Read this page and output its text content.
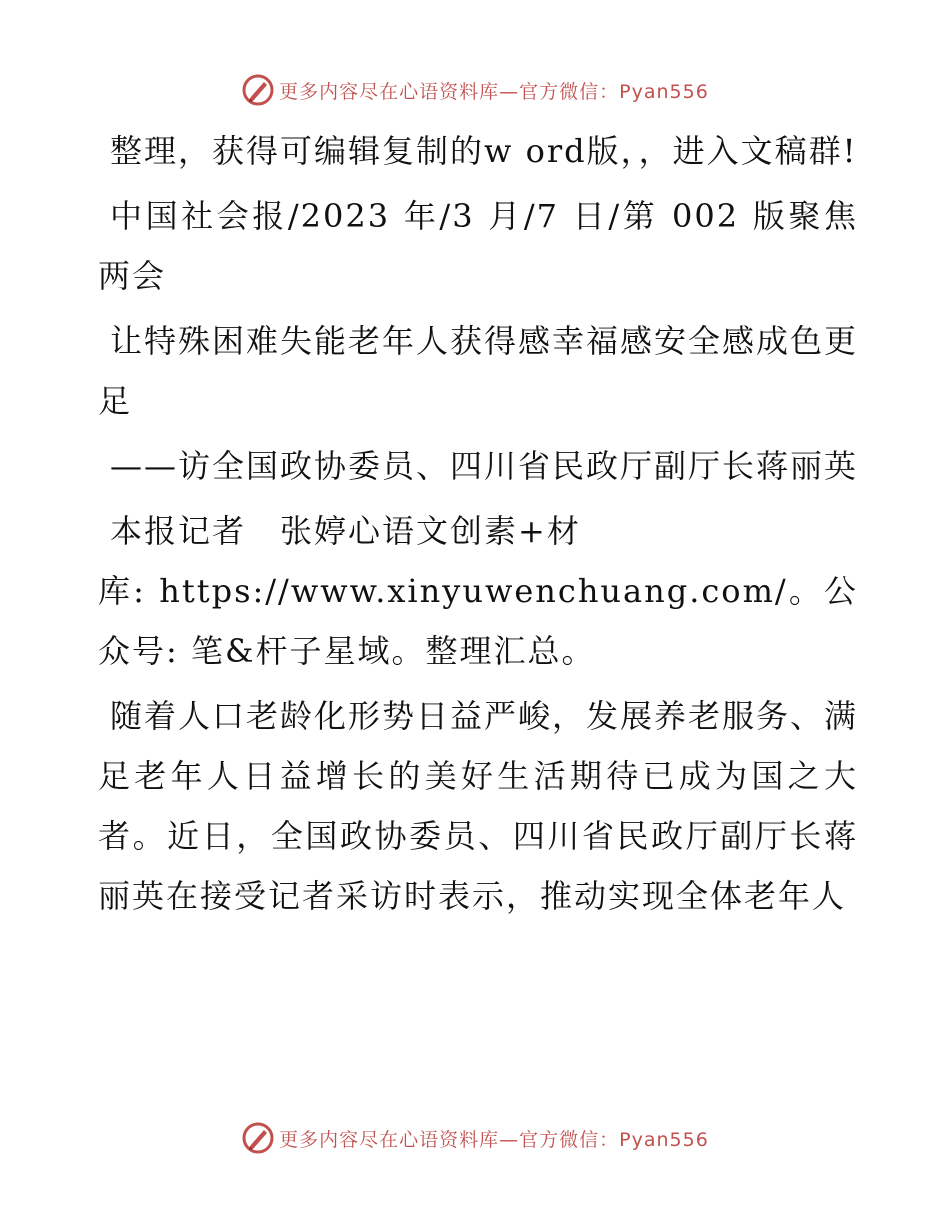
更多内容尽在心语资料库—官方微信：Pyan556

整理，获得可编辑复制的w ord版，，进入文稿群!

中国社会报/2023 年/3 月/7 日/第 002 版聚焦两会

让特殊困难失能老年人获得感幸福感安全感成色更足

——访全国政协委员、四川省民政厅副厅长蒋丽英

本报记者　张婷心语文创素+材

库: https://www.xinyuwenchuang.com/。公众号: 笔&杆子星域。整理汇总。

随着人口老龄化形势日益严峻，发展养老服务、满足老年人日益增长的美好生活期待已成为国之大者。近日，全国政协委员、四川省民政厅副厅长蒋丽英在接受记者采访时表示，推动实现全体老年人

更多内容尽在心语资料库—官方微信：Pyan556
